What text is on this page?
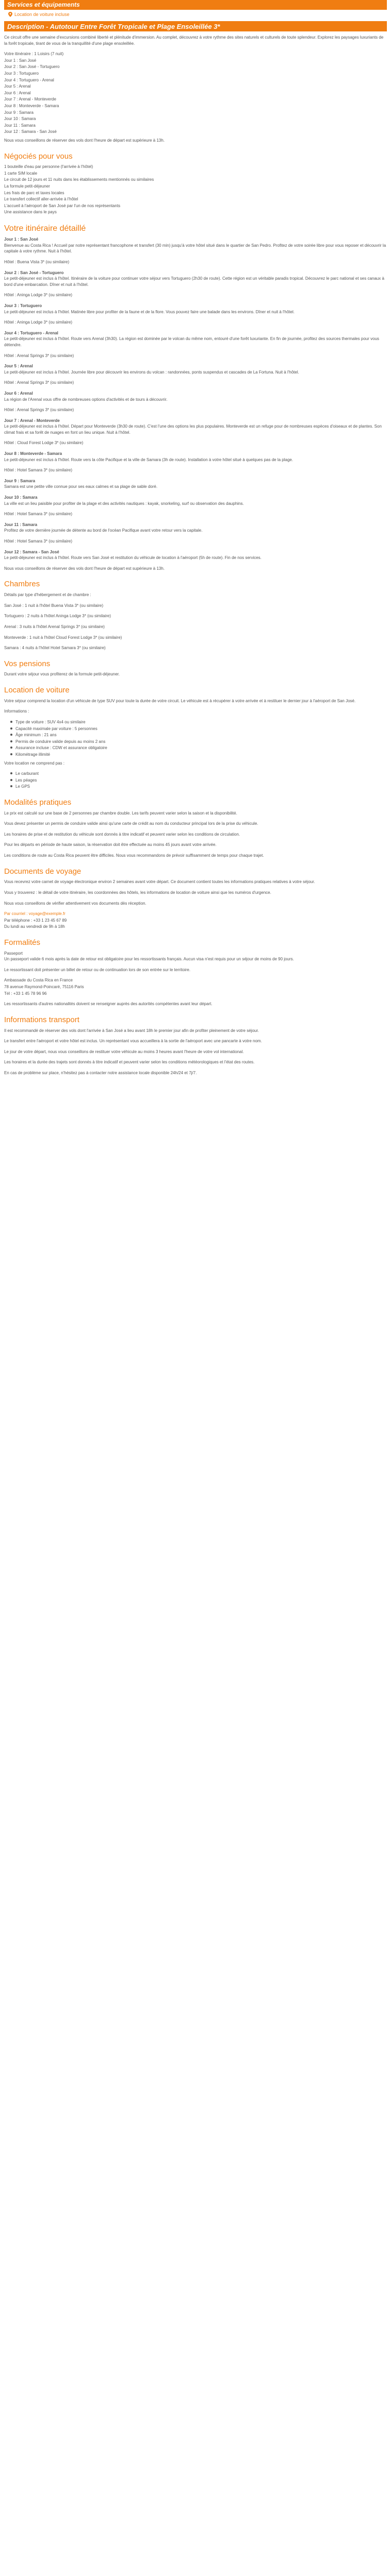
Services et équipements
Location de voiture incluse
Description - Autotour Entre Forêt Tropicale et Plage Ensoleillée 3*

Ce circuit offre une semaine d'excursions combiné liberté et plénitude d'immersion. Au complet, découvrez à votre rythme des sites naturels et culturels de toute splendeur. Explorez les paysages luxuriants de la forêt tropicale, tirant de vous de la tranquillité d'une plage ensoleillée.

Votre itinéraire : 1 Loisirs (7 nuit)
Jour 1 : San José
Jour 2 : San José - Tortuguero
Jour 3 : Tortuguero
Jour 4 : Tortuguero - Arenal
Jour 5 : Arenal
Jour 6 : Arenal
Jour 7 : Arenal - Monteverde
Jour 8 : Monteverde - Samara
Jour 9 : Samara
Jour 10 : Samara
Jour 11 : Samara
Jour 12 : Samara - San José

Nous vous conseillons de réserver des vols dont l'heure de départ est supérieure à 13h.

Négociés pour vous
1 bouteille d'eau par personne (l'arrivée à l'hôtel)
1 carte SIM locale
Le circuit de 12 jours et 11 nuits dans les établissements mentionnés ou similaires
La formule petit-déjeuner
Les frais de parc et taxes locales
Le transfert collectif aller-arrivée à l'hôtel
L'accueil à l'aéroport de San José par l'un de nos représentants
Une assistance dans le pays
Votre itinéraire détaillé

Jour 1 : San José

Bienvenue au Costa Rica ! Accueil par notre représentant francophone et transfert (30 min) jusqu'à votre hôtel situé dans le quartier de San Pedro. Profitez de votre soirée libre pour vous reposer et découvrir la capitale à votre rythme. Nuit à l'hôtel.

Hôtel : Buena Vista 3* (ou similaire)

Jour 2 : San José - Tortuguero

Le petit-déjeuner est inclus à l'hôtel. Itinéraire de la voiture pour continuer votre séjour vers Tortuguero (2h30 de route). Cette région est un véritable paradis tropical. Découvrez le parc national et ses canaux à bord d'une embarcation. Dîner et nuit à l'hôtel.

Hôtel : Aninga Lodge 3* (ou similaire)

Jour 3 : Tortuguero

Le petit-déjeuner est inclus à l'hôtel. Matinée libre pour profiter de la faune et de la flore. Vous pouvez faire une balade dans les environs. Dîner et nuit à l'hôtel.

Hôtel : Aninga Lodge 3* (ou similaire)

Jour 4 : Tortuguero - Arenal

Le petit-déjeuner est inclus à l'hôtel. Route vers Arenal (3h30). La région est dominée par le volcan du même nom, entouré d'une forêt luxuriante. En fin de journée, profitez des sources thermales pour vous détendre.

Hôtel : Arenal Springs 3* (ou similaire)

Jour 5 : Arenal

Le petit-déjeuner est inclus à l'hôtel. Journée libre pour découvrir les environs du volcan : randonnées, ponts suspendus et cascades de La Fortuna. Nuit à l'hôtel.

Hôtel : Arenal Springs 3* (ou similaire)

Jour 6 : Arenal

La région de l'Arenal vous offre de nombreuses options d'activités et de tours à découvrir.

Hôtel : Arenal Springs 3* (ou similaire)

Jour 7 : Arenal - Monteverde

Le petit-déjeuner est inclus à l'hôtel. Départ pour Monteverde (3h30 de route). C'est l'une des options les plus populaires. Monteverde est un refuge pour de nombreuses espèces d'oiseaux et de plantes. Son climat frais et sa forêt de nuages en font un lieu unique. Nuit à l'hôtel.

Hôtel : Cloud Forest Lodge 3* (ou similaire)

Jour 8 : Monteverde - Samara

Le petit-déjeuner est inclus à l'hôtel. Route vers la côte Pacifique et la ville de Samara (3h de route). Installation à votre hôtel situé à quelques pas de la plage.

Hôtel : Hotel Samara 3* (ou similaire)

Jour 9 : Samara

Samara est une petite ville connue pour ses eaux calmes et sa plage de sable doré.

Jour 10 : Samara

La ville est un lieu paisible pour profiter de la plage et des activités nautiques : kayak, snorkeling, surf ou observation des dauphins.

Hôtel : Hotel Samara 3* (ou similaire)

Jour 11 : Samara

Profitez de votre dernière journée de détente au bord de l'océan Pacifique avant votre retour vers la capitale.

Hôtel : Hotel Samara 3* (ou similaire)

Jour 12 : Samara - San José

Le petit-déjeuner est inclus à l'hôtel. Route vers San José et restitution du véhicule de location à l'aéroport (5h de route). Fin de nos services.

Nous vous conseillons de réserver des vols dont l'heure de départ est supérieure à 13h.

Chambres

Détails par type d'hébergement et de chambre :

San José : 1 nuit à l'hôtel Buena Vista 3* (ou similaire)

Tortuguero : 2 nuits à l'hôtel Aninga Lodge 3* (ou similaire)

Arenal : 3 nuits à l'hôtel Arenal Springs 3* (ou similaire)

Monteverde : 1 nuit à l'hôtel Cloud Forest Lodge 3* (ou similaire)

Samara : 4 nuits à l'hôtel Hotel Samara 3* (ou similaire)

Vos pensions

Durant votre séjour vous profiterez de la formule petit-déjeuner.

Location de voiture

Votre séjour comprend la location d'un véhicule de type SUV pour toute la durée de votre circuit. Le véhicule est à récupérer à votre arrivée et à restituer le dernier jour à l'aéroport de San José.

Informations :

Type de voiture : SUV 4x4 ou similaire
Capacité maximale par voiture : 5 personnes
Âge minimum : 21 ans
Permis de conduire valide depuis au moins 2 ans
Assurance incluse : CDW et assurance obligatoire
Kilométrage illimité

Votre location ne comprend pas :

Le carburant
Les péages
Le GPS
Modalités pratiques

Le prix est calculé sur une base de 2 personnes par chambre double. Les tarifs peuvent varier selon la saison et la disponibilité.

Vous devez présenter un permis de conduire valide ainsi qu'une carte de crédit au nom du conducteur principal lors de la prise du véhicule.

Les horaires de prise et de restitution du véhicule sont donnés à titre indicatif et peuvent varier selon les conditions de circulation.

Pour les départs en période de haute saison, la réservation doit être effectuée au moins 45 jours avant votre arrivée.

Les conditions de route au Costa Rica peuvent être difficiles. Nous vous recommandons de prévoir suffisamment de temps pour chaque trajet.

Documents de voyage

Vous recevrez votre carnet de voyage électronique environ 2 semaines avant votre départ. Ce document contient toutes les informations pratiques relatives à votre séjour.

Vous y trouverez : le détail de votre itinéraire, les coordonnées des hôtels, les informations de location de voiture ainsi que les numéros d'urgence.

Nous vous conseillons de vérifier attentivement vos documents dès réception.

Par courriel : voyage@exemple.fr
Par téléphone : +33 1 23 45 67 89

Du lundi au vendredi de 9h à 18h

Formalités

Passeport

Un passeport valide 6 mois après la date de retour est obligatoire pour les ressortissants français. Aucun visa n'est requis pour un séjour de moins de 90 jours.

Le ressortissant doit présenter un billet de retour ou de continuation lors de son entrée sur le territoire.

Ambassade du Costa Rica en France
78 avenue Raymond-Poincaré, 75116 Paris

Tél : +33 1 45 78 96 96

Les ressortissants d'autres nationalités doivent se renseigner auprès des autorités compétentes avant leur départ.

Informations transport

Il est recommandé de réserver des vols dont l'arrivée à San José a lieu avant 18h le premier jour afin de profiter pleinement de votre séjour.

Le transfert entre l'aéroport et votre hôtel est inclus. Un représentant vous accueillera à la sortie de l'aéroport avec une pancarte à votre nom.

Le jour de votre départ, nous vous conseillons de restituer votre véhicule au moins 3 heures avant l'heure de votre vol international.

Les horaires et la durée des trajets sont donnés à titre indicatif et peuvent varier selon les conditions météorologiques et l'état des routes.

En cas de problème sur place, n'hésitez pas à contacter notre assistance locale disponible 24h/24 et 7j/7.
